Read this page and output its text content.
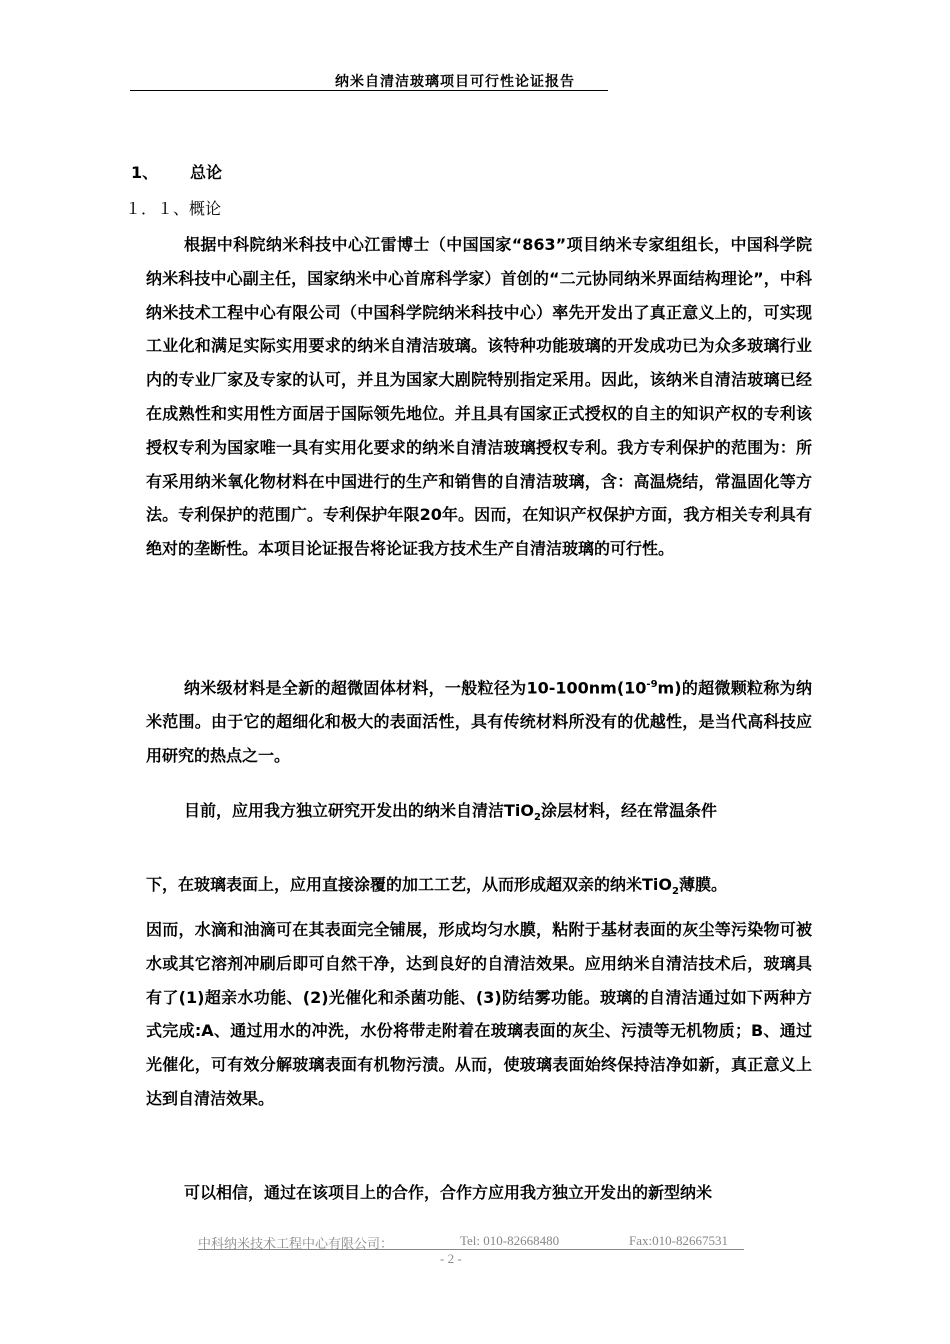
纳米自清洁玻璃项目可行性论证报告
1、 总论
１．１、概论

根据中科院纳米科技中心江雷博士（中国国家“863”项目纳米专家组组长，中国科学院纳米科技中心副主任，国家纳米中心首席科学家）首创的“二元协同纳米界面结构理论”，中科纳米技术工程中心有限公司（中国科学院纳米科技中心）率先开发出了真正意义上的，可实现工业化和满足实际实用要求的纳米自清洁玻璃。该特种功能玻璃的开发成功已为众多玻璃行业内的专业厂家及专家的认可，并且为国家大剧院特别指定采用。因此，该纳米自清洁玻璃已经在成熟性和实用性方面居于国际领先地位。并且具有国家正式授权的自主的知识产权的专利该授权专利为国家唯一具有实用化要求的纳米自清洁玻璃授权专利。我方专利保护的范围为：所有采用纳米氧化物材料在中国进行的生产和销售的自清洁玻璃，含：高温烧结，常温固化等方法。专利保护的范围广。专利保护年限20年。因而，在知识产权保护方面，我方相关专利具有绝对的垄断性。本项目论证报告将论证我方技术生产自清洁玻璃的可行性。

纳米级材料是全新的超微固体材料，一般粒径为$10-100nm(10^{-9}m)$的超微颗粒称为纳米范围。由于它的超细化和极大的表面活性，具有传统材料所没有的优越性，是当代高科技应用研究的热点之一。

目前，应用我方独立研究开发出的纳米自清洁TiO$_2$涂层材料，经在常温条件

下，在玻璃表面上，应用直接涂覆的加工工艺，从而形成超双亲的纳米TiO$_2$薄膜。

因而，水滴和油滴可在其表面完全铺展，形成均匀水膜，粘附于基材表面的灰尘等污染物可被水或其它溶剂冲刷后即可自然干净，达到良好的自清洁效果。应用纳米自清洁技术后，玻璃具有了(1)超亲水功能、(2)光催化和杀菌功能、(3)防结雾功能。玻璃的自清洁通过如下两种方式完成:A、通过用水的冲洗，水份将带走附着在玻璃表面的灰尘、污渍等无机物质；B、通过光催化，可有效分解玻璃表面有机物污渍。从而，使玻璃表面始终保持洁净如新，真正意义上达到自清洁效果。

可以相信，通过在该项目上的合作，合作方应用我方独立开发出的新型纳米

中科纳米技术工程中心有限公司：	Tel: 010-82668480	Fax:010-82667531
- 2 -
